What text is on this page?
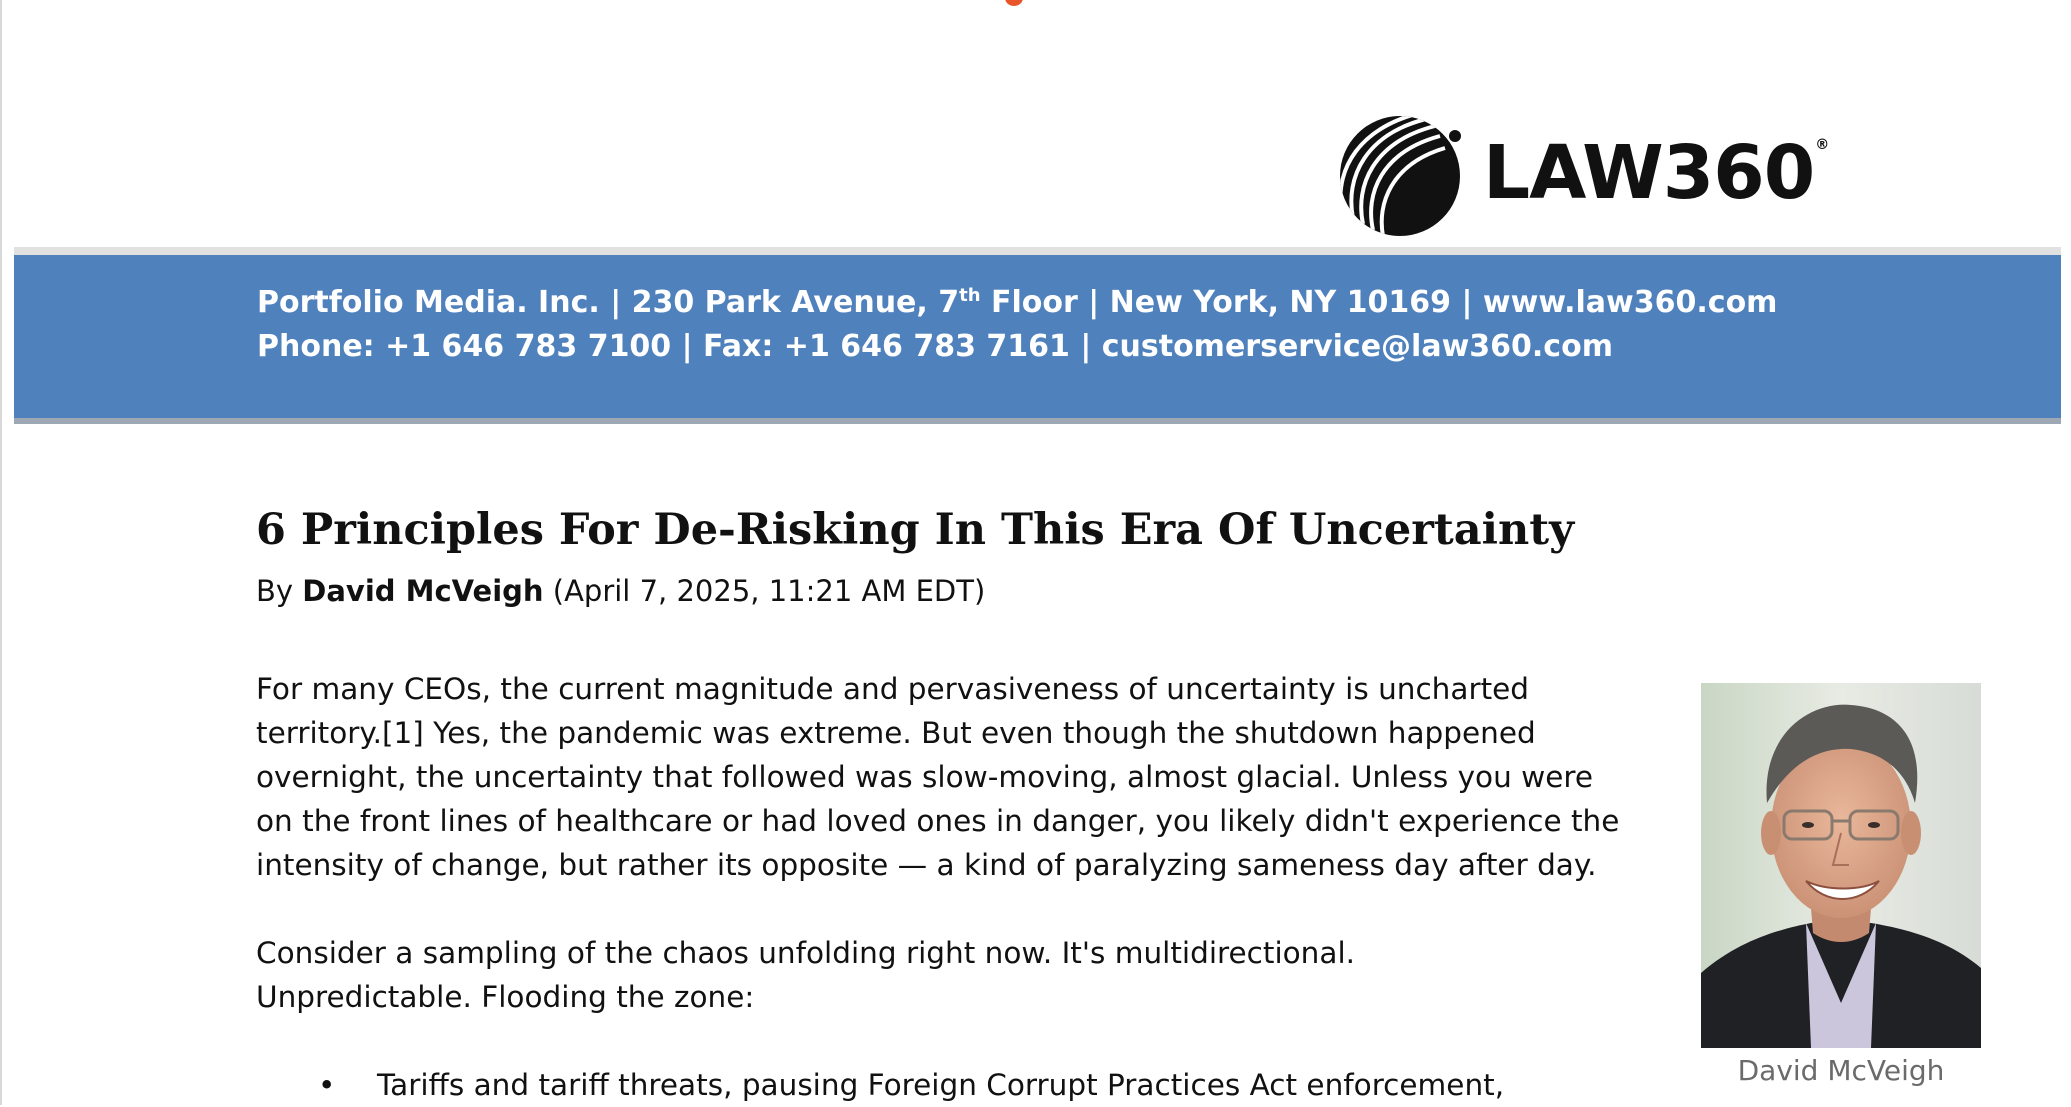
LAW360 ®
Portfolio Media. Inc. | 230 Park Avenue, 7th Floor | New York, NY 10169 | www.law360.com
Phone: +1 646 783 7100 | Fax: +1 646 783 7161 | customerservice@law360.com
6 Principles For De-Risking In This Era Of Uncertainty

By David McVeigh (April 7, 2025, 11:21 AM EDT)

For many CEOs, the current magnitude and pervasiveness of uncertainty is uncharted
territory.[1] Yes, the pandemic was extreme. But even though the shutdown happened
overnight, the uncertainty that followed was slow-moving, almost glacial. Unless you were
on the front lines of healthcare or had loved ones in danger, you likely didn't experience the
intensity of change, but rather its opposite — a kind of paralyzing sameness day after day.
Consider a sampling of the chaos unfolding right now. It's multidirectional.
Unpredictable. Flooding the zone:
• Tariffs and tariff threats, pausing Foreign Corrupt Practices Act enforcement,	David McVeigh
